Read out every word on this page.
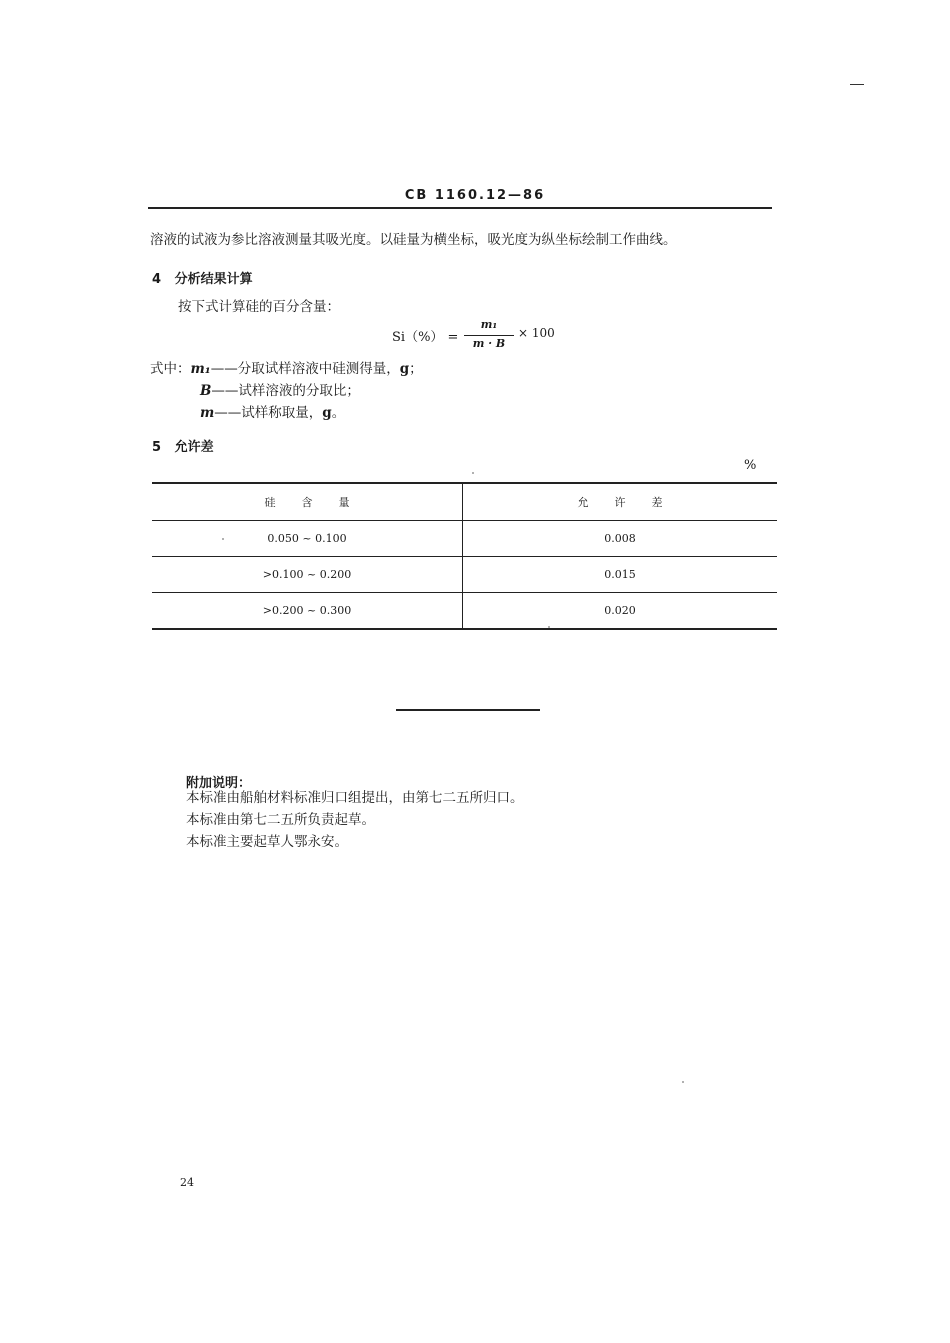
CB 1160.12—86
溶液的试液为参比溶液测量其吸光度。以硅量为横坐标，吸光度为纵坐标绘制工作曲线。
4 分析结果计算
按下式计算硅的百分含量：
Si（%） =
m₁
m · B
× 100
式中：m₁——分取试样溶液中硅测得量，g；
B——试样溶液的分取比；
m——试样称取量，g。
5 允许差
%
硅含量	允许差
0.050 ~ 0.100	0.008
>0.100 ~ 0.200	0.015
>0.200 ~ 0.300	0.020
附加说明：
本标准由船舶材料标准归口组提出，由第七二五所归口。
本标准由第七二五所负责起草。
本标准主要起草人鄂永安。
24
